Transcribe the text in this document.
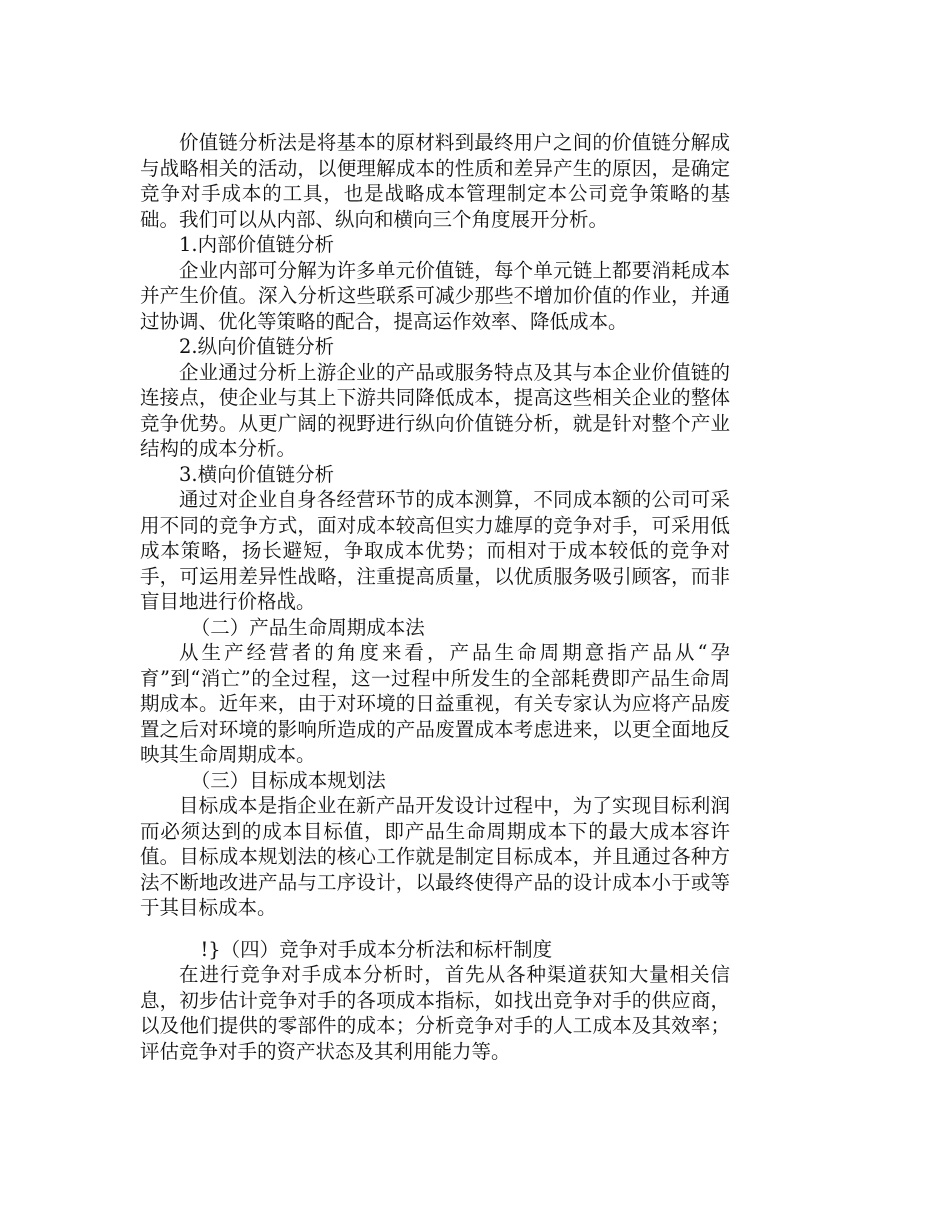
价值链分析法是将基本的原材料到最终用户之间的价值链分解成与战略相关的活动，以便理解成本的性质和差异产生的原因，是确定竞争对手成本的工具，也是战略成本管理制定本公司竞争策略的基础。我们可以从内部、纵向和横向三个角度展开分析。

1.内部价值链分析

企业内部可分解为许多单元价值链，每个单元链上都要消耗成本并产生价值。深入分析这些联系可减少那些不增加价值的作业，并通过协调、优化等策略的配合，提高运作效率、降低成本。

2.纵向价值链分析

企业通过分析上游企业的产品或服务特点及其与本企业价值链的连接点，使企业与其上下游共同降低成本，提高这些相关企业的整体竞争优势。从更广阔的视野进行纵向价值链分析，就是针对整个产业结构的成本分析。

3.横向价值链分析

通过对企业自身各经营环节的成本测算，不同成本额的公司可采用不同的竞争方式，面对成本较高但实力雄厚的竞争对手，可采用低成本策略，扬长避短，争取成本优势；而相对于成本较低的竞争对手，可运用差异性战略，注重提高质量，以优质服务吸引顾客，而非盲目地进行价格战。

（二）产品生命周期成本法

从生产经营者的角度来看，产品生命周期意指产品从“孕育”到“消亡”的全过程，这一过程中所发生的全部耗费即产品生命周期成本。近年来，由于对环境的日益重视，有关专家认为应将产品废置之后对环境的影响所造成的产品废置成本考虑进来，以更全面地反映其生命周期成本。

（三）目标成本规划法

目标成本是指企业在新产品开发设计过程中，为了实现目标利润而必须达到的成本目标值，即产品生命周期成本下的最大成本容许值。目标成本规划法的核心工作就是制定目标成本，并且通过各种方法不断地改进产品与工序设计，以最终使得产品的设计成本小于或等于其目标成本。

!}（四）竞争对手成本分析法和标杆制度

在进行竞争对手成本分析时，首先从各种渠道获知大量相关信息，初步估计竞争对手的各项成本指标，如找出竞争对手的供应商，以及他们提供的零部件的成本；分析竞争对手的人工成本及其效率；评估竞争对手的资产状态及其利用能力等。
